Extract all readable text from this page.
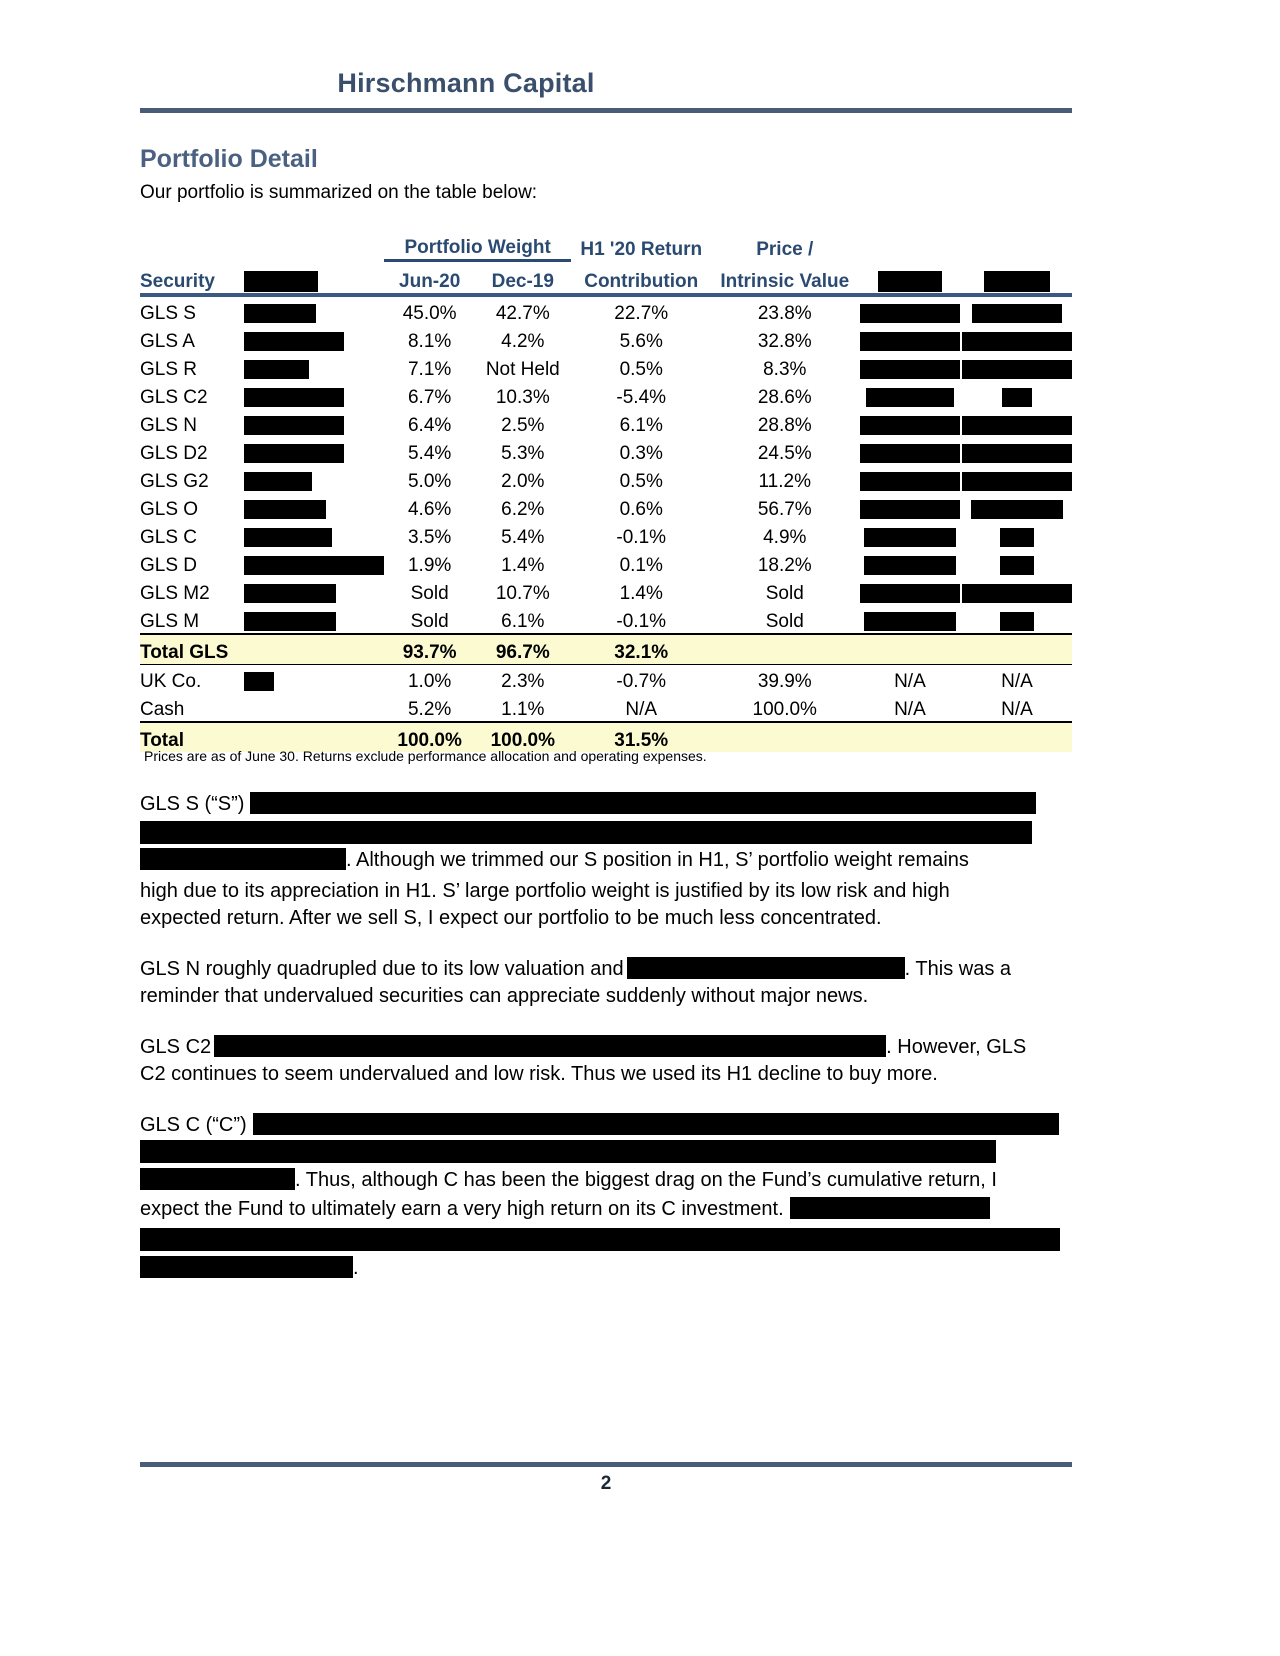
Hirschmann Capital
Portfolio Detail
Our portfolio is summarized on the table below:
		Portfolio Weight		H1 '20 Return	Price /		
Security		Jun-20	Dec-19	Contribution	Intrinsic Value		
GLS S		45.0%	42.7%	22.7%	23.8%		
GLS A		8.1%	4.2%	5.6%	32.8%		
GLS R		7.1%	Not Held	0.5%	8.3%		
GLS C2		6.7%	10.3%	-5.4%	28.6%		
GLS N		6.4%	2.5%	6.1%	28.8%		
GLS D2		5.4%	5.3%	0.3%	24.5%		
GLS G2		5.0%	2.0%	0.5%	11.2%		
GLS O		4.6%	6.2%	0.6%	56.7%		
GLS C		3.5%	5.4%	-0.1%	4.9%		
GLS D		1.9%	1.4%	0.1%	18.2%		
GLS M2		Sold	10.7%	1.4%	Sold		
GLS M		Sold	6.1%	-0.1%	Sold		
Total GLS		93.7%	96.7%	32.1%			
UK Co.		1.0%	2.3%	-0.7%	39.9%	N/A	N/A
Cash		5.2%	1.1%	N/A	100.0%	N/A	N/A
Total		100.0%	100.0%	31.5%			
Prices are as of June 30. Returns exclude performance allocation and operating expenses.
GLS S (“S”)
. Although we trimmed our S position in H1, S’ portfolio weight remains
high due to its appreciation in H1. S’ large portfolio weight is justified by its low risk and high
expected return. After we sell S, I expect our portfolio to be much less concentrated.
GLS N roughly quadrupled due to its low valuation and	. This was a
reminder that undervalued securities can appreciate suddenly without major news.
GLS C2	. However, GLS
C2 continues to seem undervalued and low risk. Thus we used its H1 decline to buy more.
GLS C (“C”)
. Thus, although C has been the biggest drag on the Fund’s cumulative return, I
expect the Fund to ultimately earn a very high return on its C investment.
.
2
